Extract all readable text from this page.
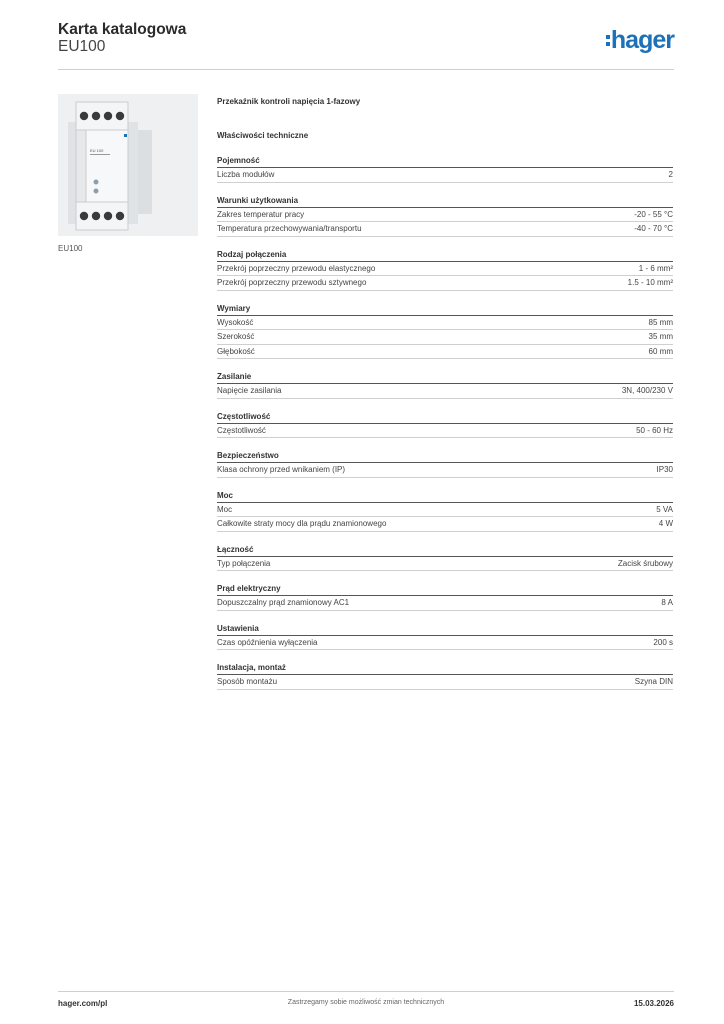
Karta katalogowa
EU100	hager
EU 100
EU100
Przekaźnik kontroli napięcia 1-fazowy
Właściwości techniczne
Pojemność
Liczba modułów	2
Warunki użytkowania
Zakres temperatur pracy	-20 - 55 °C
Temperatura przechowywania/transportu	-40 - 70 °C
Rodzaj połączenia
Przekrój poprzeczny przewodu elastycznego	1 - 6 mm²
Przekrój poprzeczny przewodu sztywnego	1.5 - 10 mm²
Wymiary
Wysokość	85 mm
Szerokość	35 mm
Głębokość	60 mm
Zasilanie
Napięcie zasilania	3N, 400/230 V
Częstotliwość
Częstotliwość	50 - 60 Hz
Bezpieczeństwo
Klasa ochrony przed wnikaniem (IP)	IP30
Moc
Moc	5 VA
Całkowite straty mocy dla prądu znamionowego	4 W
Łączność
Typ połączenia	Zacisk śrubowy
Prąd elektryczny
Dopuszczalny prąd znamionowy AC1	8 A
Ustawienia
Czas opóźnienia wyłączenia	200 s
Instalacja, montaż
Sposób montażu	Szyna DIN
hager.com/pl	Zastrzegamy sobie możliwość zmian technicznych	15.03.2026
